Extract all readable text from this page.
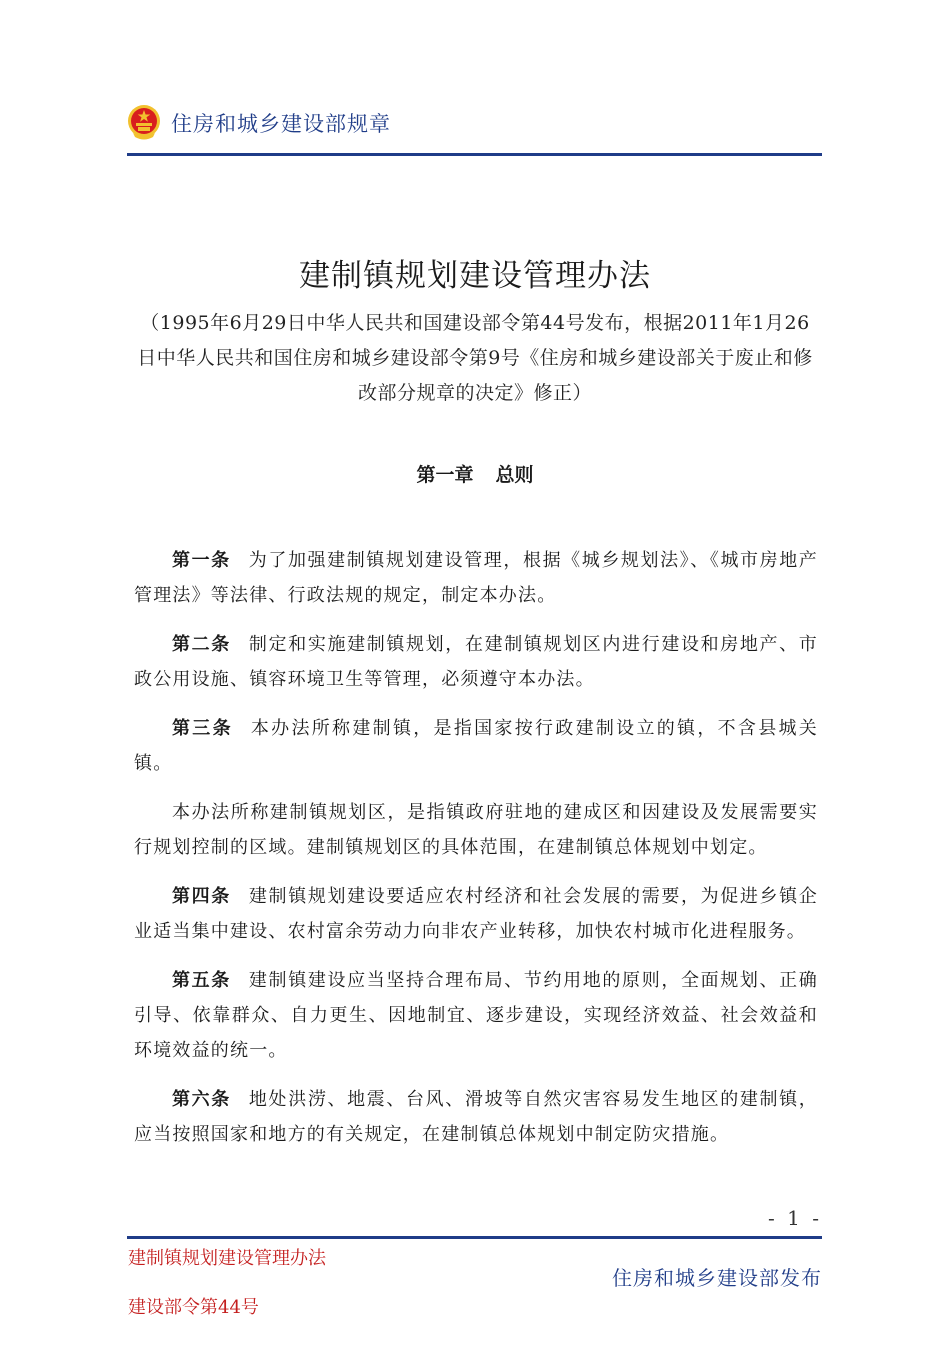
住房和城乡建设部规章
建制镇规划建设管理办法
（1995年6月29日中华人民共和国建设部令第44号发布，根据2011年1月26日中华人民共和国住房和城乡建设部令第9号《住房和城乡建设部关于废止和修改部分规章的决定》修正）
第一章 总则

第一条 为了加强建制镇规划建设管理，根据《城乡规划法》、《城市房地产管理法》等法律、行政法规的规定，制定本办法。

第二条 制定和实施建制镇规划，在建制镇规划区内进行建设和房地产、市政公用设施、镇容环境卫生等管理，必须遵守本办法。

第三条 本办法所称建制镇，是指国家按行政建制设立的镇，不含县城关镇。

本办法所称建制镇规划区，是指镇政府驻地的建成区和因建设及发展需要实行规划控制的区域。建制镇规划区的具体范围，在建制镇总体规划中划定。

第四条 建制镇规划建设要适应农村经济和社会发展的需要，为促进乡镇企业适当集中建设、农村富余劳动力向非农产业转移，加快农村城市化进程服务。

第五条 建制镇建设应当坚持合理布局、节约用地的原则，全面规划、正确引导、依靠群众、自力更生、因地制宜、逐步建设，实现经济效益、社会效益和环境效益的统一。

第六条 地处洪涝、地震、台风、滑坡等自然灾害容易发生地区的建制镇，应当按照国家和地方的有关规定，在建制镇总体规划中制定防灾措施。

- 1 -
建制镇规划建设管理办法
建设部令第44号
住房和城乡建设部发布
